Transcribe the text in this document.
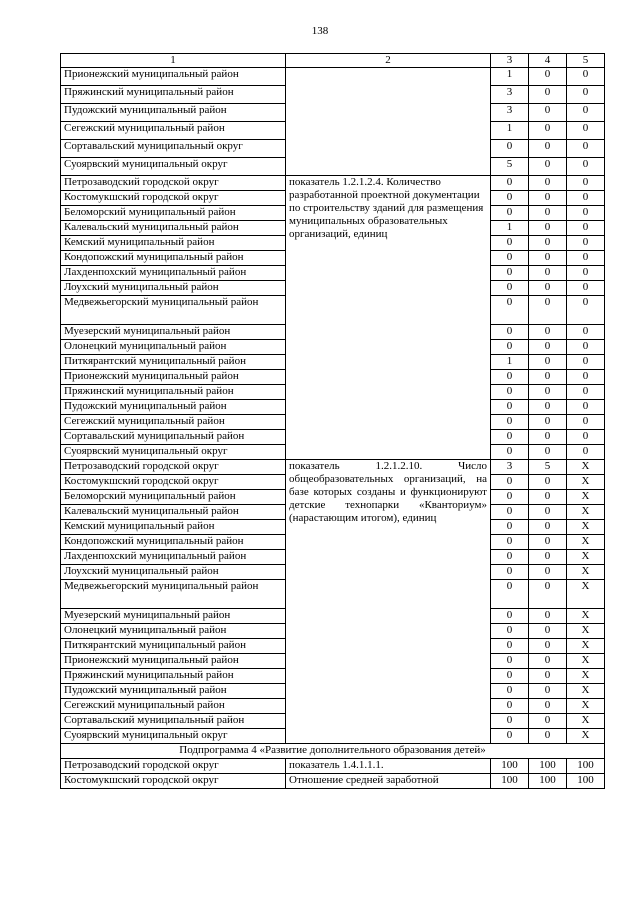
138
1	2	3	4	5
Прионежский муниципальный район		1	0	0
Пряжинский муниципальный район		3	0	0
Пудожский муниципальный район		3	0	0
Сегежский муниципальный район		1	0	0
Сортавальский муниципальный округ		0	0	0
Суоярвский муниципальный округ		5	0	0
Петрозаводский городской округ	показатель 1.2.1.2.4. Количество разработанной проектной документации по строительству зданий для размещения муниципальных образовательных организаций, единиц	0	0	0
Костомукшский городской округ		0	0	0
Беломорский муниципальный район		0	0	0
Калевальский муниципальный район		1	0	0
Кемский муниципальный район		0	0	0
Кондопожский муниципальный район		0	0	0
Лахденпохский муниципальный район		0	0	0
Лоухский муниципальный район		0	0	0
Медвежьегорский муниципальный район		0	0	0
Муезерский муниципальный район		0	0	0
Олонецкий муниципальный район		0	0	0
Питкярантский муниципальный район		1	0	0
Прионежский муниципальный район		0	0	0
Пряжинский муниципальный район		0	0	0
Пудожский муниципальный район		0	0	0
Сегежский муниципальный район		0	0	0
Сортавальский муниципальный район		0	0	0
Суоярвский муниципальный округ		0	0	0
Петрозаводский городской округ	показатель 1.2.1.2.10. Число общеобразовательных организаций, на базе которых созданы и функционируют детские технопарки «Кванториум» (нарастающим итогом), единиц	3	5	X
Костомукшский городской округ		0	0	X
Беломорский муниципальный район		0	0	X
Калевальский муниципальный район		0	0	X
Кемский муниципальный район		0	0	X
Кондопожский муниципальный район		0	0	X
Лахденпохский муниципальный район		0	0	X
Лоухский муниципальный район		0	0	X
Медвежьегорский муниципальный район		0	0	X
Муезерский муниципальный район		0	0	X
Олонецкий муниципальный район		0	0	X
Питкярантский муниципальный район		0	0	X
Прионежский муниципальный район		0	0	X
Пряжинский муниципальный район		0	0	X
Пудожский муниципальный район		0	0	X
Сегежский муниципальный район		0	0	X
Сортавальский муниципальный район		0	0	X
Суоярвский муниципальный округ		0	0	X
Подпрограмма 4 «Развитие дополнительного образования детей»				
Петрозаводский городской округ	показатель 1.4.1.1.1.	100	100	100
Костомукшский городской округ	Отношение средней заработной	100	100	100
